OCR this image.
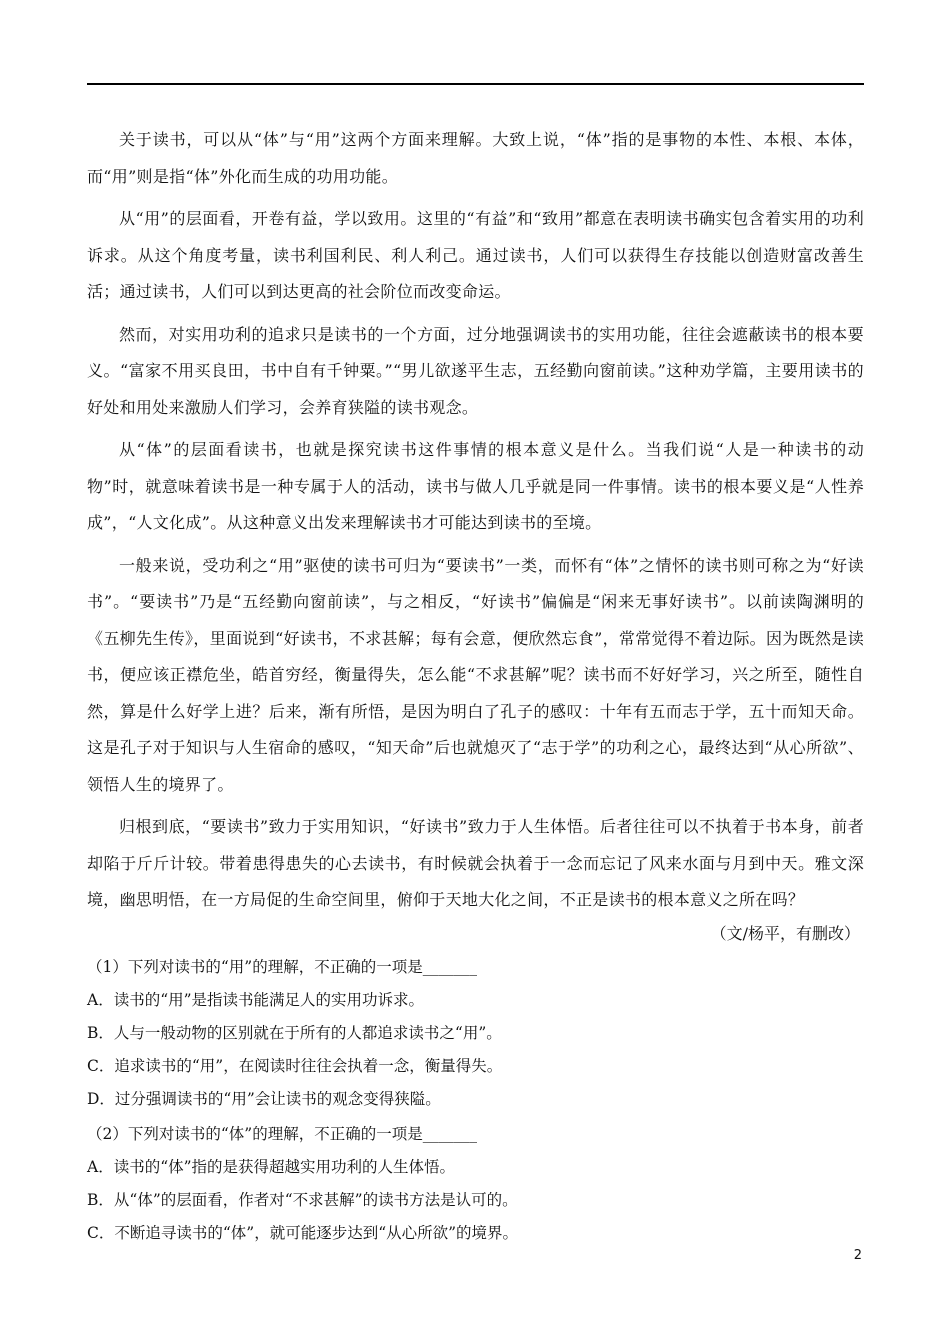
关于读书，可以从“体”与“用”这两个方面来理解。大致上说，“体”指的是事物的本性、本根、本体，而“用”则是指“体”外化而生成的功用功能。

从“用”的层面看，开卷有益，学以致用。这里的“有益”和“致用”都意在表明读书确实包含着实用的功利诉求。从这个角度考量，读书利国利民、利人利己。通过读书，人们可以获得生存技能以创造财富改善生活；通过读书，人们可以到达更高的社会阶位而改变命运。

然而，对实用功利的追求只是读书的一个方面，过分地强调读书的实用功能，往往会遮蔽读书的根本要义。“富家不用买良田，书中自有千钟粟。”“男儿欲遂平生志，五经勤向窗前读。”这种劝学篇，主要用读书的好处和用处来激励人们学习，会养育狭隘的读书观念。

从“体”的层面看读书，也就是探究读书这件事情的根本意义是什么。当我们说“人是一种读书的动物”时，就意味着读书是一种专属于人的活动，读书与做人几乎就是同一件事情。读书的根本要义是“人性养成”，“人文化成”。从这种意义出发来理解读书才可能达到读书的至境。

一般来说，受功利之“用”驱使的读书可归为“要读书”一类，而怀有“体”之情怀的读书则可称之为“好读书”。“要读书”乃是“五经勤向窗前读”，与之相反，“好读书”偏偏是“闲来无事好读书”。以前读陶渊明的《五柳先生传》，里面说到“好读书，不求甚解；每有会意，便欣然忘食”，常常觉得不着边际。因为既然是读书，便应该正襟危坐，皓首穷经，衡量得失，怎么能“不求甚解”呢？读书而不好好学习，兴之所至，随性自然，算是什么好学上进？后来，渐有所悟，是因为明白了孔子的感叹：十年有五而志于学，五十而知天命。这是孔子对于知识与人生宿命的感叹，“知天命”后也就熄灭了“志于学”的功利之心，最终达到“从心所欲”、领悟人生的境界了。

归根到底，“要读书”致力于实用知识，“好读书”致力于人生体悟。后者往往可以不执着于书本身，前者却陷于斤斤计较。带着患得患失的心去读书，有时候就会执着于一念而忘记了风来水面与月到中天。雅文深境，幽思明悟，在一方局促的生命空间里，俯仰于天地大化之间，不正是读书的根本意义之所在吗？

（文/杨平，有删改）

（1）下列对读书的“用”的理解，不正确的一项是_______

A．读书的“用”是指读书能满足人的实用功诉求。

B．人与一般动物的区别就在于所有的人都追求读书之“用”。

C．追求读书的“用”，在阅读时往往会执着一念，衡量得失。

D．过分强调读书的“用”会让读书的观念变得狭隘。

（2）下列对读书的“体”的理解，不正确的一项是_______

A．读书的“体”指的是获得超越实用功利的人生体悟。

B．从“体”的层面看，作者对“不求甚解”的读书方法是认可的。

C．不断追寻读书的“体”，就可能逐步达到“从心所欲”的境界。

2
